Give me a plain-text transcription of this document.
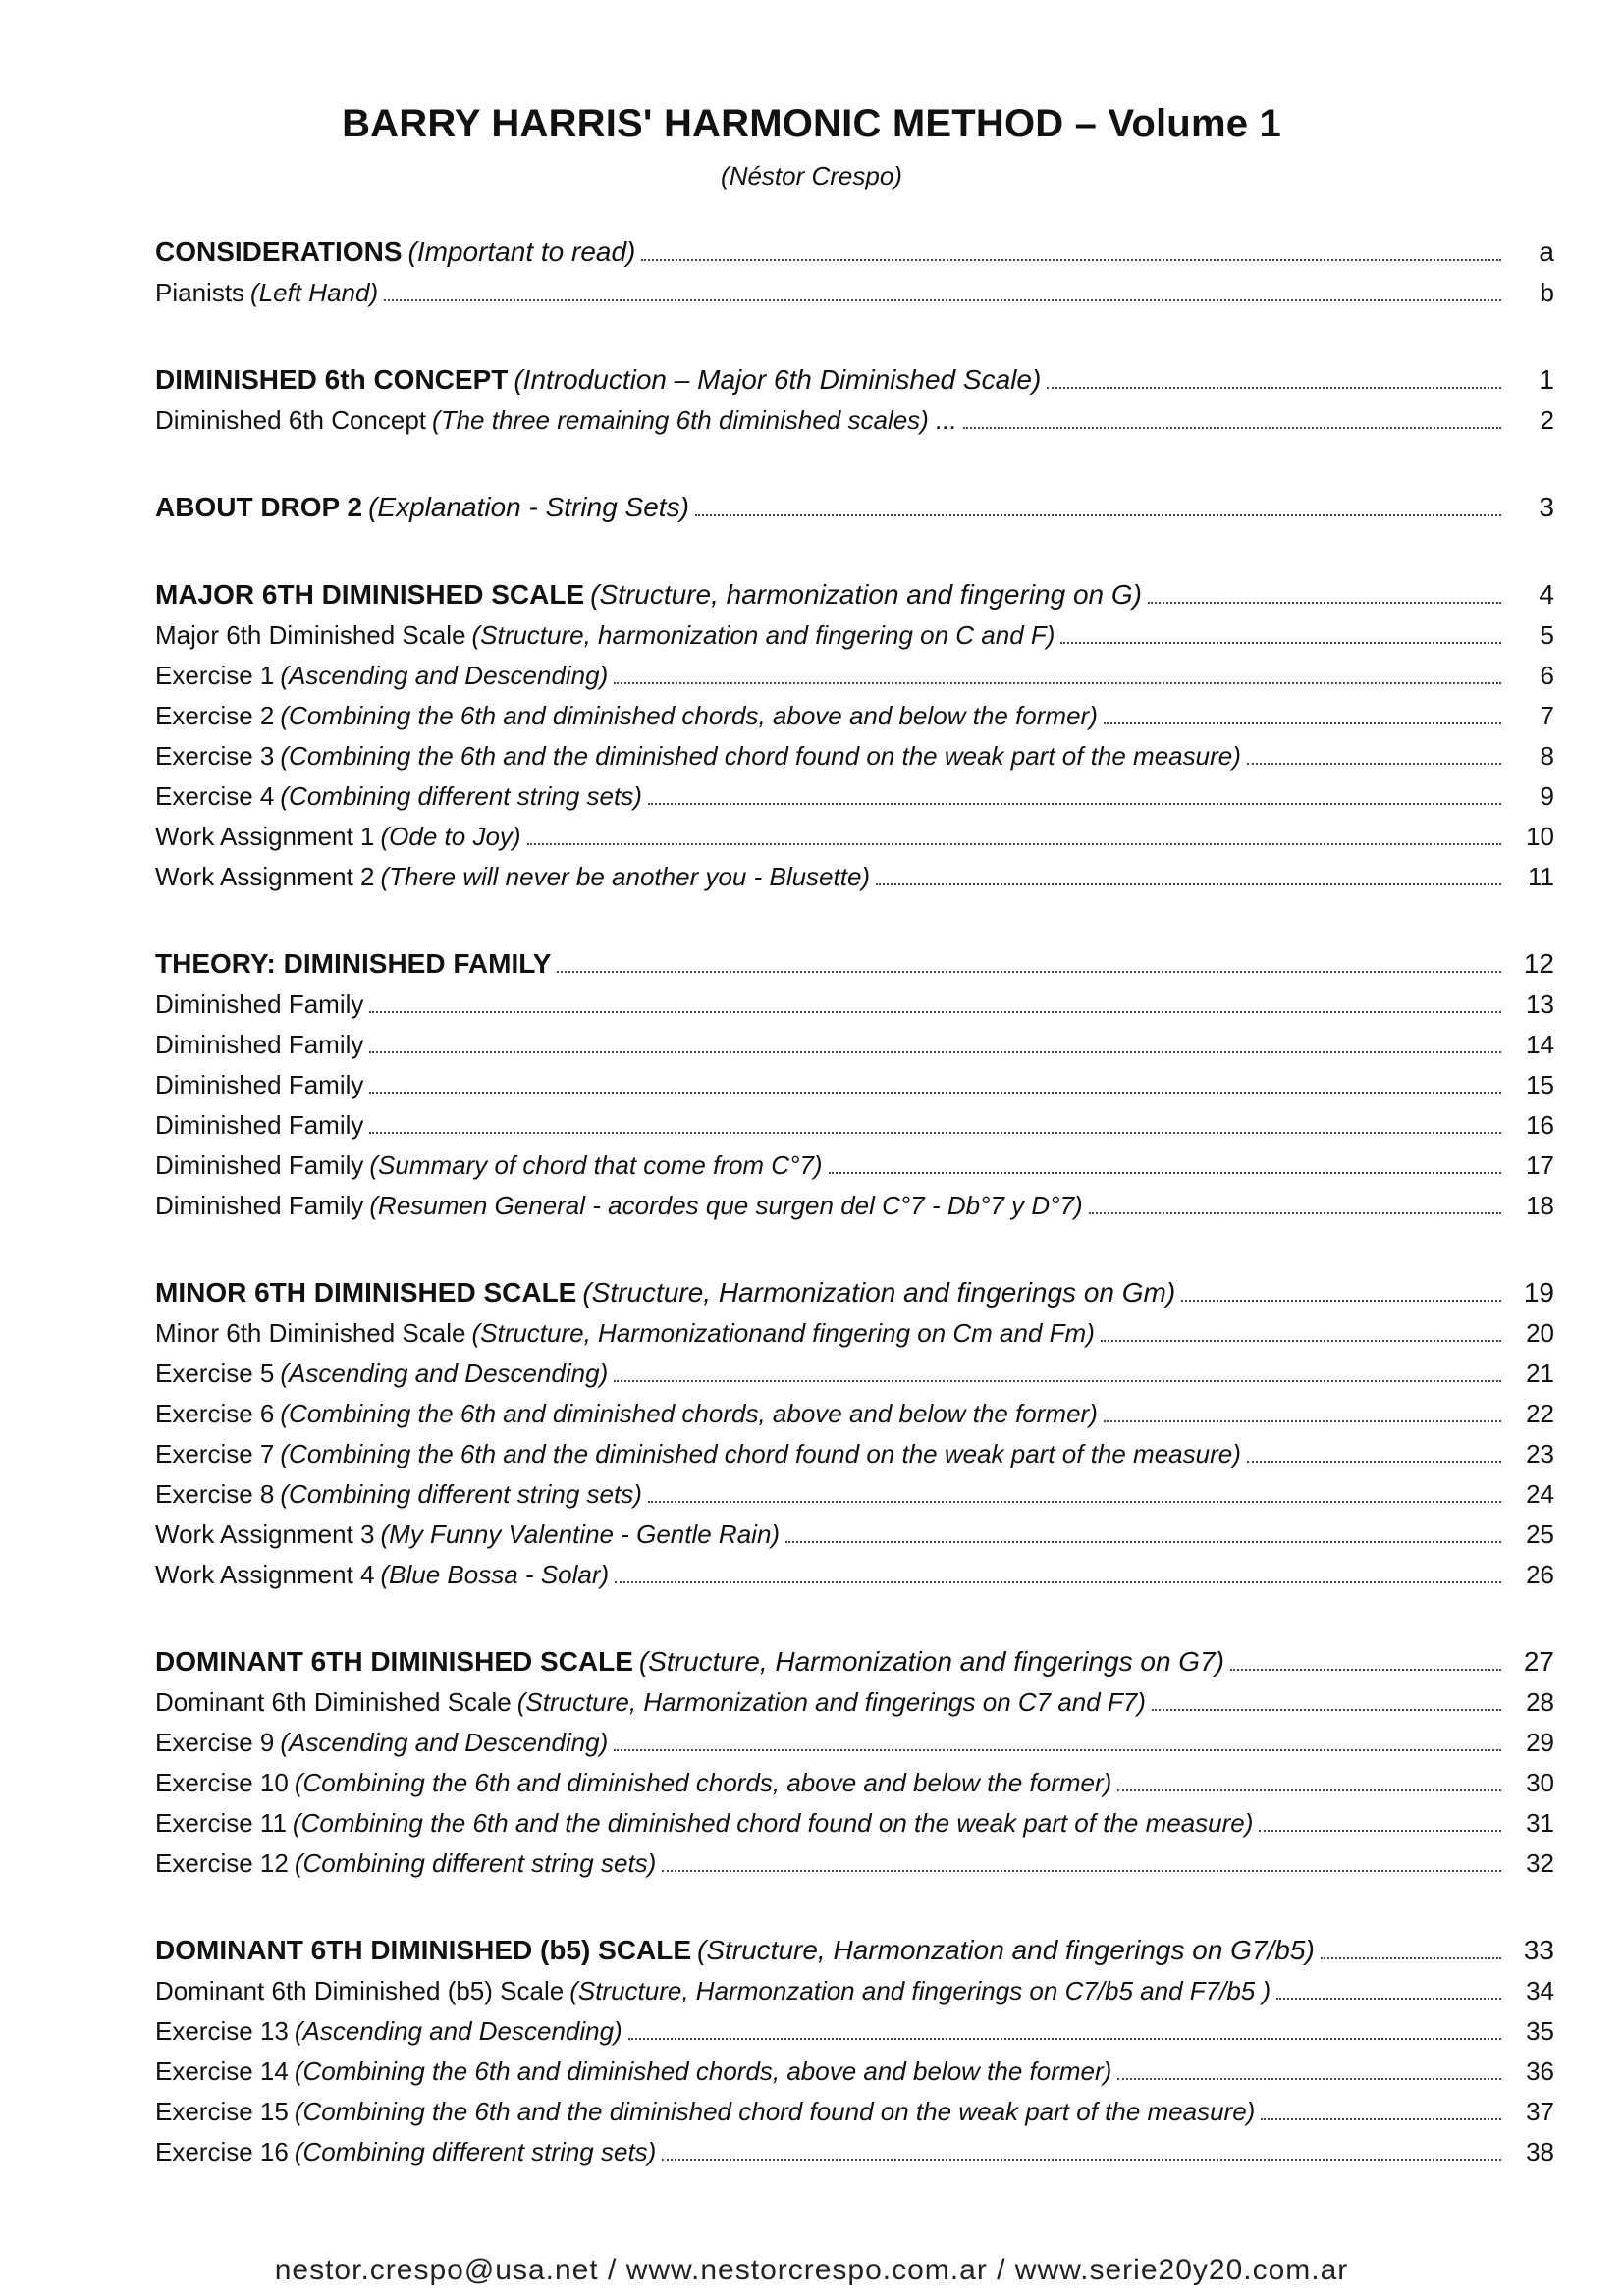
BARRY HARRIS' HARMONIC METHOD – Volume 1
(Néstor Crespo)
CONSIDERATIONS (Important to read)	a
Pianists (Left Hand)	b
DIMINISHED 6th CONCEPT (Introduction – Major 6th Diminished Scale)	1
Diminished 6th Concept (The three remaining 6th diminished scales) ...	2
ABOUT DROP 2 (Explanation - String Sets)	3
MAJOR 6TH DIMINISHED SCALE (Structure, harmonization and fingering on G)	4
Major 6th Diminished Scale (Structure, harmonization and fingering on C and F)	5
Exercise 1 (Ascending and Descending)	6
Exercise 2 (Combining the 6th and diminished chords, above and below the former)	7
Exercise 3 (Combining the 6th and the diminished chord found on the weak part of the measure)	8
Exercise 4 (Combining different string sets)	9
Work Assignment 1 (Ode to Joy)	10
Work Assignment 2 (There will never be another you - Blusette)	11
THEORY: DIMINISHED FAMILY	12
Diminished Family	13
Diminished Family	14
Diminished Family	15
Diminished Family	16
Diminished Family (Summary of chord that come from C°7)	17
Diminished Family (Resumen General - acordes que surgen del C°7 - Db°7 y D°7)	18
MINOR 6TH DIMINISHED SCALE (Structure, Harmonization and fingerings on Gm)	19
Minor 6th Diminished Scale (Structure, Harmonizationand fingering on Cm and Fm)	20
Exercise 5 (Ascending and Descending)	21
Exercise 6 (Combining the 6th and diminished chords, above and below the former)	22
Exercise 7 (Combining the 6th and the diminished chord found on the weak part of the measure)	23
Exercise 8 (Combining different string sets)	24
Work Assignment 3 (My Funny Valentine - Gentle Rain)	25
Work Assignment 4 (Blue Bossa - Solar)	26
DOMINANT 6TH DIMINISHED SCALE (Structure, Harmonization and fingerings on G7)	27
Dominant 6th Diminished Scale (Structure, Harmonization and fingerings on C7 and F7)	28
Exercise 9 (Ascending and Descending)	29
Exercise 10 (Combining the 6th and diminished chords, above and below the former)	30
Exercise 11 (Combining the 6th and the diminished chord found on the weak part of the measure)	31
Exercise 12 (Combining different string sets)	32
DOMINANT 6TH DIMINISHED (b5) SCALE (Structure, Harmonzation and fingerings on G7/b5)	33
Dominant 6th Diminished (b5) Scale (Structure, Harmonzation and fingerings on C7/b5 and F7/b5 )	34
Exercise 13 (Ascending and Descending)	35
Exercise 14 (Combining the 6th and diminished chords, above and below the former)	36
Exercise 15 (Combining the 6th and the diminished chord found on the weak part of the measure)	37
Exercise 16 (Combining different string sets)	38
nestor.crespo@usa.net / www.nestorcrespo.com.ar / www.serie20y20.com.ar
